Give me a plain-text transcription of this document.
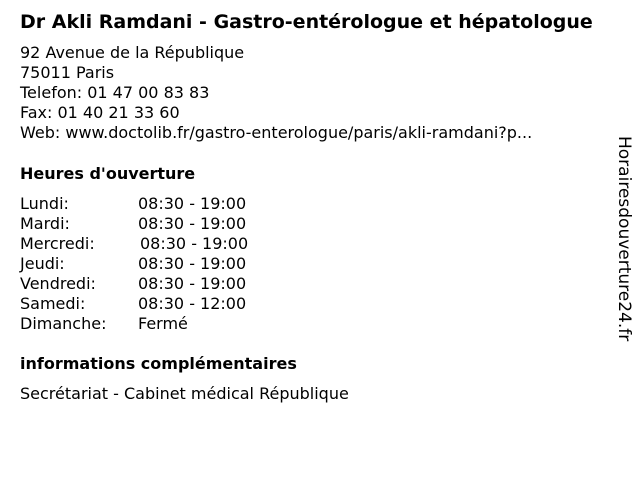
Dr Akli Ramdani - Gastro-entérologue et hépatologue
92 Avenue de la République
75011 Paris
Telefon: 01 47 00 83 83
Fax: 01 40 21 33 60
Web: www.doctolib.fr/gastro-enterologue/paris/akli-ramdani?p...
Heures d'ouverture
Lundi:	08:30 - 19:00
Mardi:	08:30 - 19:00
Mercredi:	08:30 - 19:00
Jeudi:	08:30 - 19:00
Vendredi:	08:30 - 19:00
Samedi:	08:30 - 12:00
Dimanche:	Fermé
informations complémentaires
Secrétariat - Cabinet médical République
Horairesdouverture24.fr
